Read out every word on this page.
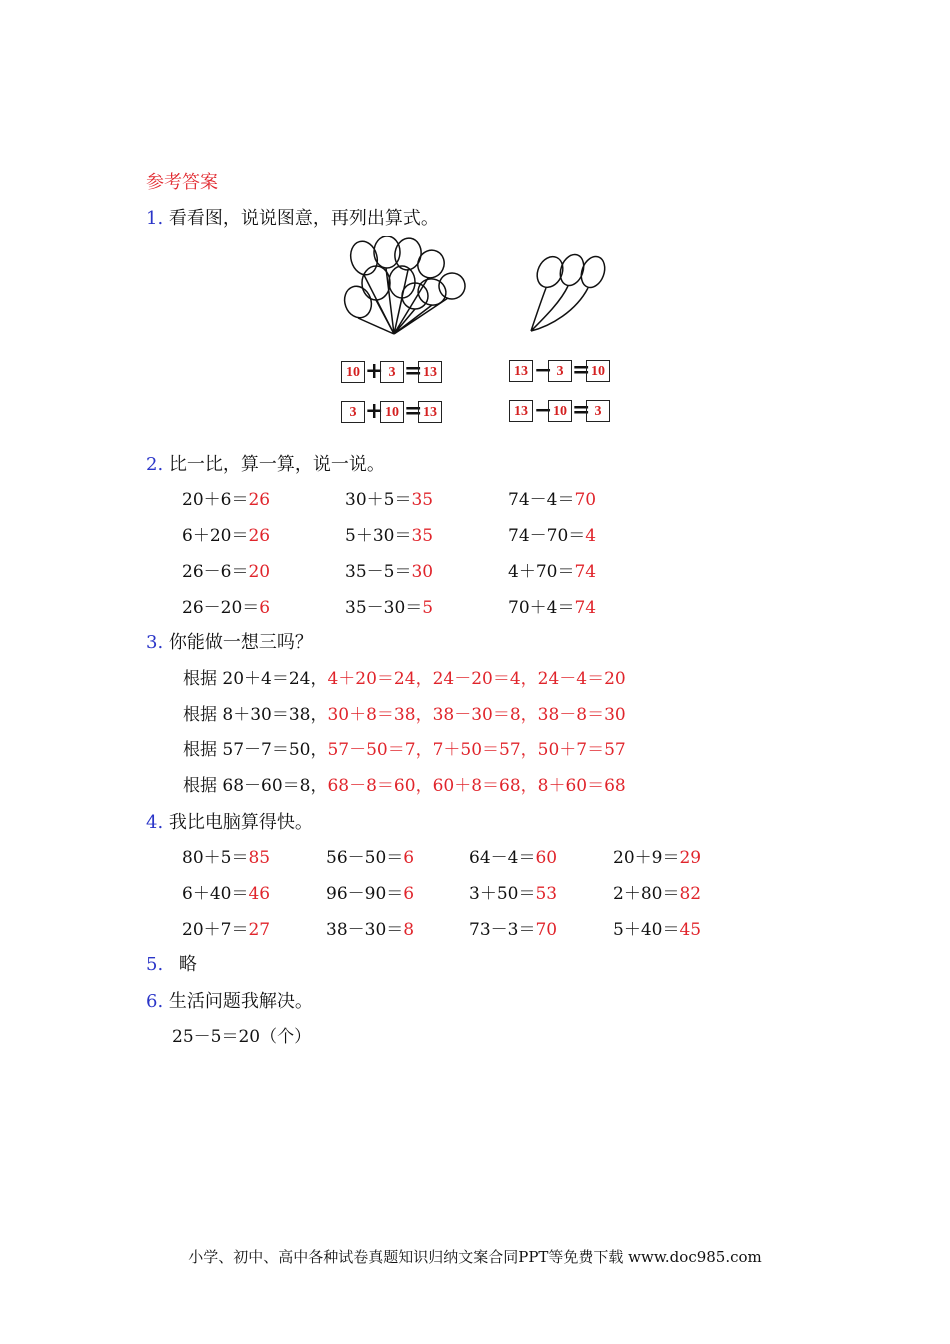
参考答案
1. 看看图，说说图意，再列出算式。
10 + 3 = 13
3 + 10 = 13
13 − 3 = 10
13 − 10 = 3
2. 比一比，算一算，说一说。
20＋6＝26	30＋5＝35	74－4＝70
6＋20＝26	5＋30＝35	74－70＝4
26－6＝20	35－5＝30	4＋70＝74
26－20＝6	35－30＝5	70＋4＝74
3. 你能做一想三吗？
根据 20＋4＝24，4＋20＝24，24－20＝4，24－4＝20
根据 8＋30＝38，30＋8＝38，38－30＝8，38－8＝30
根据 57－7＝50，57－50＝7，7＋50＝57，50＋7＝57
根据 68－60＝8，68－8＝60，60＋8＝68，8＋60＝68
4. 我比电脑算得快。
80＋5＝85	56－50＝6	64－4＝60	20＋9＝29
6＋40＝46	96－90＝6	3＋50＝53	2＋80＝82
20＋7＝27	38－30＝8	73－3＝70	5＋40＝45
5. 略
6. 生活问题我解决。
25－5＝20（个）
小学、初中、高中各种试卷真题知识归纳文案合同PPT等免费下载 www.doc985.com
